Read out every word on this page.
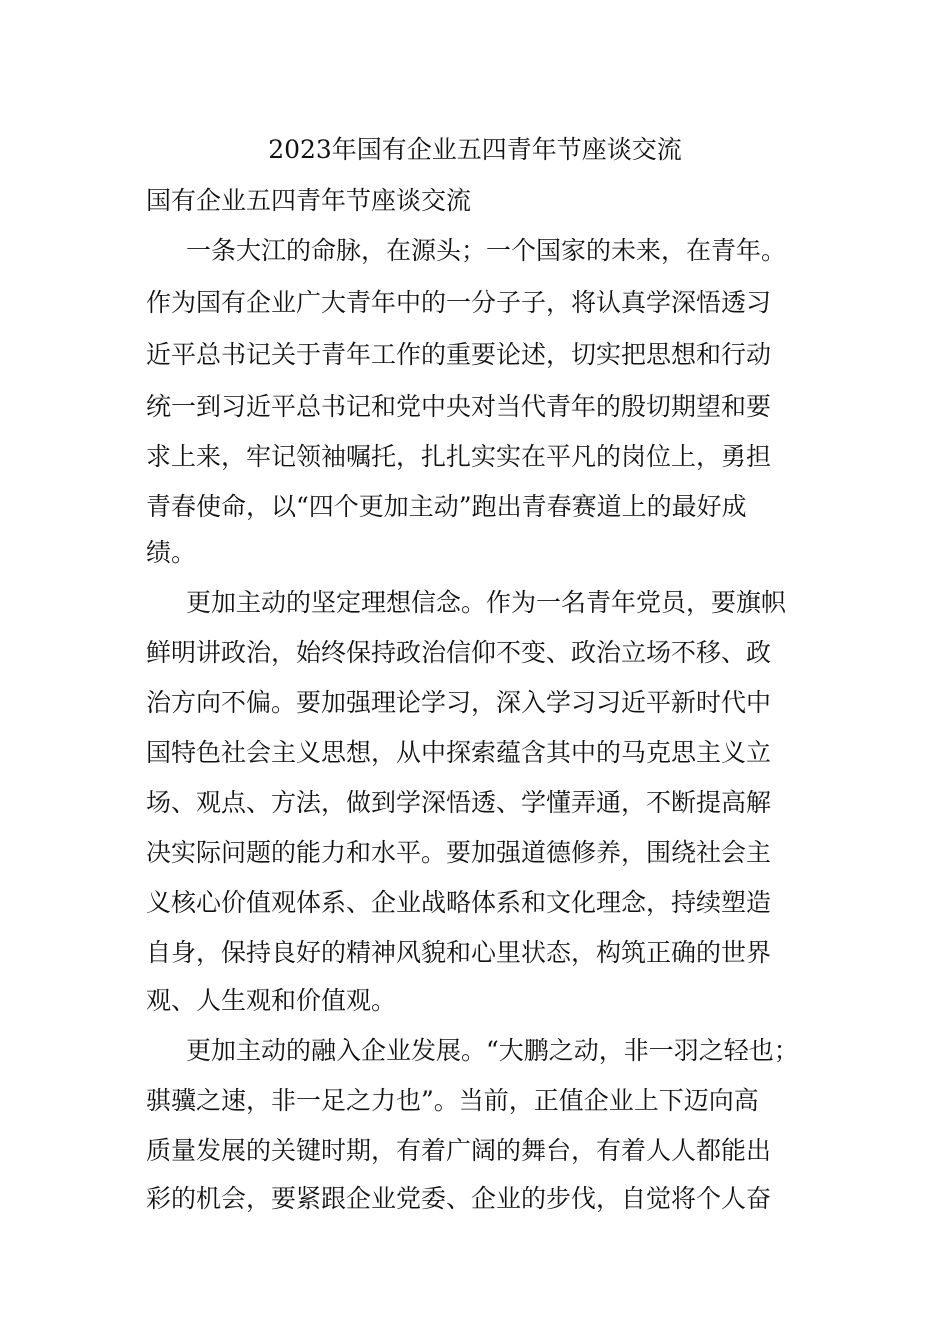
2023年国有企业五四青年节座谈交流
国有企业五四青年节座谈交流
一条大江的命脉，在源头；一个国家的未来，在青年。
作为国有企业广大青年中的一分子子，将认真学深悟透习
近平总书记关于青年工作的重要论述，切实把思想和行动
统一到习近平总书记和党中央对当代青年的殷切期望和要
求上来，牢记领袖嘱托，扎扎实实在平凡的岗位上，勇担
青春使命，以“四个更加主动”跑出青春赛道上的最好成
绩。
更加主动的坚定理想信念。作为一名青年党员，要旗帜
鲜明讲政治，始终保持政治信仰不变、政治立场不移、政
治方向不偏。要加强理论学习，深入学习习近平新时代中
国特色社会主义思想，从中探索蕴含其中的马克思主义立
场、观点、方法，做到学深悟透、学懂弄通，不断提高解
决实际问题的能力和水平。要加强道德修养，围绕社会主
义核心价值观体系、企业战略体系和文化理念，持续塑造
自身，保持良好的精神风貌和心里状态，构筑正确的世界
观、人生观和价值观。
更加主动的融入企业发展。“大鹏之动，非一羽之轻也；
骐骥之速，非一足之力也”。当前，正值企业上下迈向高
质量发展的关键时期，有着广阔的舞台，有着人人都能出
彩的机会，要紧跟企业党委、企业的步伐，自觉将个人奋
